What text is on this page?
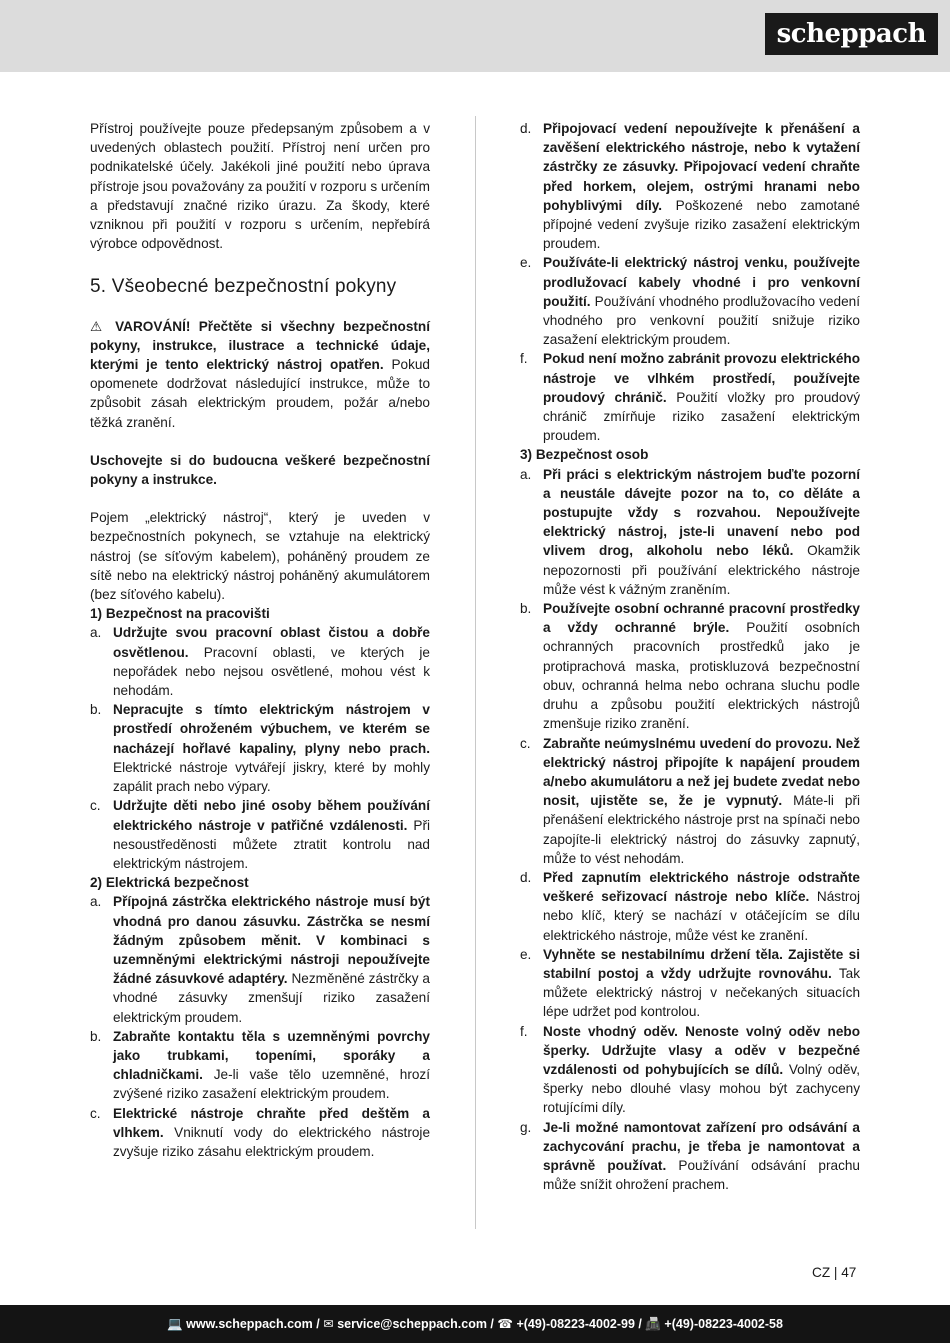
scheppach

Přístroj používejte pouze předepsaným způsobem a v uvedených oblastech použití. Přístroj není určen pro podnikatelské účely. Jakékoli jiné použití nebo úprava přístroje jsou považovány za použití v rozporu s určením a představují značné riziko úrazu. Za škody, které vzniknou při použití v rozporu s určením, nepřebírá výrobce odpovědnost.

5. Všeobecné bezpečnostní pokyny

⚠ VAROVÁNÍ! Přečtěte si všechny bezpečnostní pokyny, instrukce, ilustrace a technické údaje, kterými je tento elektrický nástroj opatřen. Pokud opomenete dodržovat následující instrukce, může to způsobit zásah elektrickým proudem, požár a/nebo těžká zranění.

Uschovejte si do budoucna veškeré bezpečnostní pokyny a instrukce.

Pojem „elektrický nástroj“, který je uveden v bezpečnostních pokynech, se vztahuje na elektrický nástroj (se síťovým kabelem), poháněný proudem ze sítě nebo na elektrický nástroj poháněný akumulátorem (bez síťového kabelu).

1) Bezpečnost na pracovišti

a. Udržujte svou pracovní oblast čistou a dobře osvětlenou. Pracovní oblasti, ve kterých je nepořádek nebo nejsou osvětlené, mohou vést k nehodám.
b. Nepracujte s tímto elektrickým nástrojem v prostředí ohroženém výbuchem, ve kterém se nacházejí hořlavé kapaliny, plyny nebo prach. Elektrické nástroje vytvářejí jiskry, které by mohly zapálit prach nebo výpary.
c. Udržujte děti nebo jiné osoby během používání elektrického nástroje v patřičné vzdálenosti. Při nesoustředěnosti můžete ztratit kontrolu nad elektrickým nástrojem.

2) Elektrická bezpečnost

a. Přípojná zástrčka elektrického nástroje musí být vhodná pro danou zásuvku. Zástrčka se nesmí žádným způsobem měnit. V kombinaci s uzemněnými elektrickými nástroji nepoužívejte žádné zásuvkové adaptéry. Nezměněné zástrčky a vhodné zásuvky zmenšují riziko zasažení elektrickým proudem.
b. Zabraňte kontaktu těla s uzemněnými povrchy jako trubkami, topeními, sporáky a chladničkami. Je-li vaše tělo uzemněné, hrozí zvýšené riziko zasažení elektrickým proudem.
c. Elektrické nástroje chraňte před deštěm a vlhkem. Vniknutí vody do elektrického nástroje zvyšuje riziko zásahu elektrickým proudem.
d. Připojovací vedení nepoužívejte k přenášení a zavěšení elektrického nástroje, nebo k vytažení zástrčky ze zásuvky. Připojovací vedení chraňte před horkem, olejem, ostrými hranami nebo pohyblivými díly. Poškozené nebo zamotané přípojné vedení zvyšuje riziko zasažení elektrickým proudem.
e. Používáte-li elektrický nástroj venku, používejte prodlužovací kabely vhodné i pro venkovní použití. Používání vhodného prodlužovacího vedení vhodného pro venkovní použití snižuje riziko zasažení elektrickým proudem.
f. Pokud není možno zabránit provozu elektrického nástroje ve vlhkém prostředí, používejte proudový chránič. Použití vložky pro proudový chránič zmírňuje riziko zasažení elektrickým proudem.

3) Bezpečnost osob

a. Při práci s elektrickým nástrojem buďte pozorní a neustále dávejte pozor na to, co děláte a postupujte vždy s rozvahou. Nepoužívejte elektrický nástroj, jste-li unavení nebo pod vlivem drog, alkoholu nebo léků. Okamžik nepozornosti při používání elektrického nástroje může vést k vážným zraněním.
b. Používejte osobní ochranné pracovní prostředky a vždy ochranné brýle. Použití osobních ochranných pracovních prostředků jako je protiprachová maska, protiskluzová bezpečnostní obuv, ochranná helma nebo ochrana sluchu podle druhu a způsobu použití elektrických nástrojů zmenšuje riziko zranění.
c. Zabraňte neúmyslnému uvedení do provozu. Než elektrický nástroj připojíte k napájení proudem a/nebo akumulátoru a než jej budete zvedat nebo nosit, ujistěte se, že je vypnutý. Máte-li při přenášení elektrického nástroje prst na spínači nebo zapojíte-li elektrický nástroj do zásuvky zapnutý, může to vést nehodám.
d. Před zapnutím elektrického nástroje odstraňte veškeré seřizovací nástroje nebo klíče. Nástroj nebo klíč, který se nachází v otáčejícím se dílu elektrického nástroje, může vést ke zranění.
e. Vyhněte se nestabilnímu držení těla. Zajistěte si stabilní postoj a vždy udržujte rovnováhu. Tak můžete elektrický nástroj v nečekaných situacích lépe udržet pod kontrolou.
f. Noste vhodný oděv. Nenoste volný oděv nebo šperky. Udržujte vlasy a oděv v bezpečné vzdálenosti od pohybujících se dílů. Volný oděv, šperky nebo dlouhé vlasy mohou být zachyceny rotujícími díly.
g. Je-li možné namontovat zařízení pro odsávání a zachycování prachu, je třeba je namontovat a správně používat. Používání odsávání prachu může snížit ohrožení prachem.
CZ | 47
💻 www.scheppach.com / ✉ service@scheppach.com / ☎ +(49)-08223-4002-99 / 📠 +(49)-08223-4002-58
